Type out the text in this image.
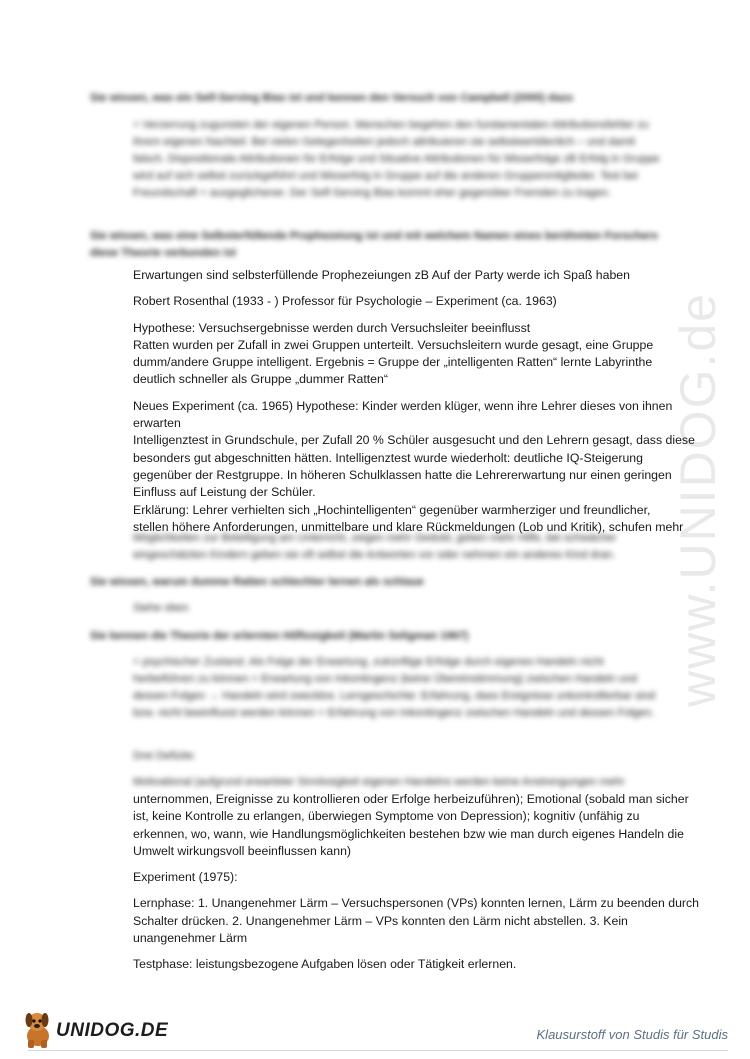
www.UNIDOG.de
Sie wissen, was ein Self-Serving Bias ist und kennen den Versuch von Campbell (2000) dazu
= Verzerrung zugunsten der eigenen Person. Menschen begehen den fundamentalen Attributionsfehler zu ihrem eigenen Nachteil. Bei vielen Gelegenheiten jedoch attribuieren sie selbstwertdienlich – und damit falsch. Dispositionale Attributionen für Erfolge und Situative Attributionen für Misserfolge zB Erfolg in Gruppe wird auf sich selbst zurückgeführt und Misserfolg in Gruppe auf die anderen Gruppenmitglieder. Test bei Freundschaft = ausgeglichener. Der Self-Serving Bias kommt eher gegenüber Fremden zu tragen.
Sie wissen, was eine Selbsterfüllende Prophezeiung ist und mit welchem Namen eines berühmten Forschers diese Theorie verbunden ist

Erwartungen sind selbsterfüllende Prophezeiungen zB Auf der Party werde ich Spaß haben

Robert Rosenthal (1933 - ) Professor für Psychologie – Experiment (ca. 1963)

Hypothese: Versuchsergebnisse werden durch Versuchsleiter beeinflusst
Ratten wurden per Zufall in zwei Gruppen unterteilt. Versuchsleitern wurde gesagt, eine Gruppe
dumm/andere Gruppe intelligent. Ergebnis = Gruppe der „intelligenten Ratten“ lernte Labyrinthe
deutlich schneller als Gruppe „dummer Ratten“

Neues Experiment (ca. 1965) Hypothese: Kinder werden klüger, wenn ihre Lehrer dieses von ihnen
erwarten
Intelligenztest in Grundschule, per Zufall 20 % Schüler ausgesucht und den Lehrern gesagt, dass diese
besonders gut abgeschnitten hätten. Intelligenztest wurde wiederholt: deutliche IQ-Steigerung
gegenüber der Restgruppe. In höheren Schulklassen hatte die Lehrererwartung nur einen geringen
Einfluss auf Leistung der Schüler.
Erklärung: Lehrer verhielten sich „Hochintelligenten“ gegenüber warmherziger und freundlicher,
stellen höhere Anforderungen, unmittelbare und klare Rückmeldungen (Lob und Kritik), schufen mehr

Möglichkeiten zur Beteiligung am Unterricht, zeigen mehr Geduld, geben mehr Hilfe, bei schwächer eingeschätzten Kindern geben sie oft selbst die Antworten vor oder nehmen ein anderes Kind dran.
Sie wissen, warum dumme Ratten schlechter lernen als schlaue
Siehe oben
Sie kennen die Theorie der erlernten Hilflosigkeit (Martin Seligman 1967)
= psychischer Zustand. Als Folge der Erwartung, zukünftige Erfolge durch eigenes Handeln nicht herbeiführen zu können = Erwartung von Inkontingenz (keine Übereinstimmung) zwischen Handeln und dessen Folgen → Handeln wird zwecklos. Lerngeschichte: Erfahrung, dass Ereignisse unkontrollierbar sind bzw. nicht beeinflusst werden können = Erfahrung von Inkontingenz zwischen Handeln und dessen Folgen.
Drei Defizite:
Motivational (aufgrund erwarteter Sinnlosigkeit eigenen Handelns werden keine Anstrengungen mehr

unternommen, Ereignisse zu kontrollieren oder Erfolge herbeizuführen); Emotional (sobald man sicher
ist, keine Kontrolle zu erlangen, überwiegen Symptome von Depression); kognitiv (unfähig zu
erkennen, wo, wann, wie Handlungsmöglichkeiten bestehen bzw wie man durch eigenes Handeln die
Umwelt wirkungsvoll beeinflussen kann)

Experiment (1975):

Lernphase: 1. Unangenehmer Lärm – Versuchspersonen (VPs) konnten lernen, Lärm zu beenden durch
Schalter drücken. 2. Unangenehmer Lärm – VPs konnten den Lärm nicht abstellen. 3. Kein
unangenehmer Lärm

Testphase: leistungsbezogene Aufgaben lösen oder Tätigkeit erlernen.

UNIDOG.DE	Klausurstoff von Studis für Studis
